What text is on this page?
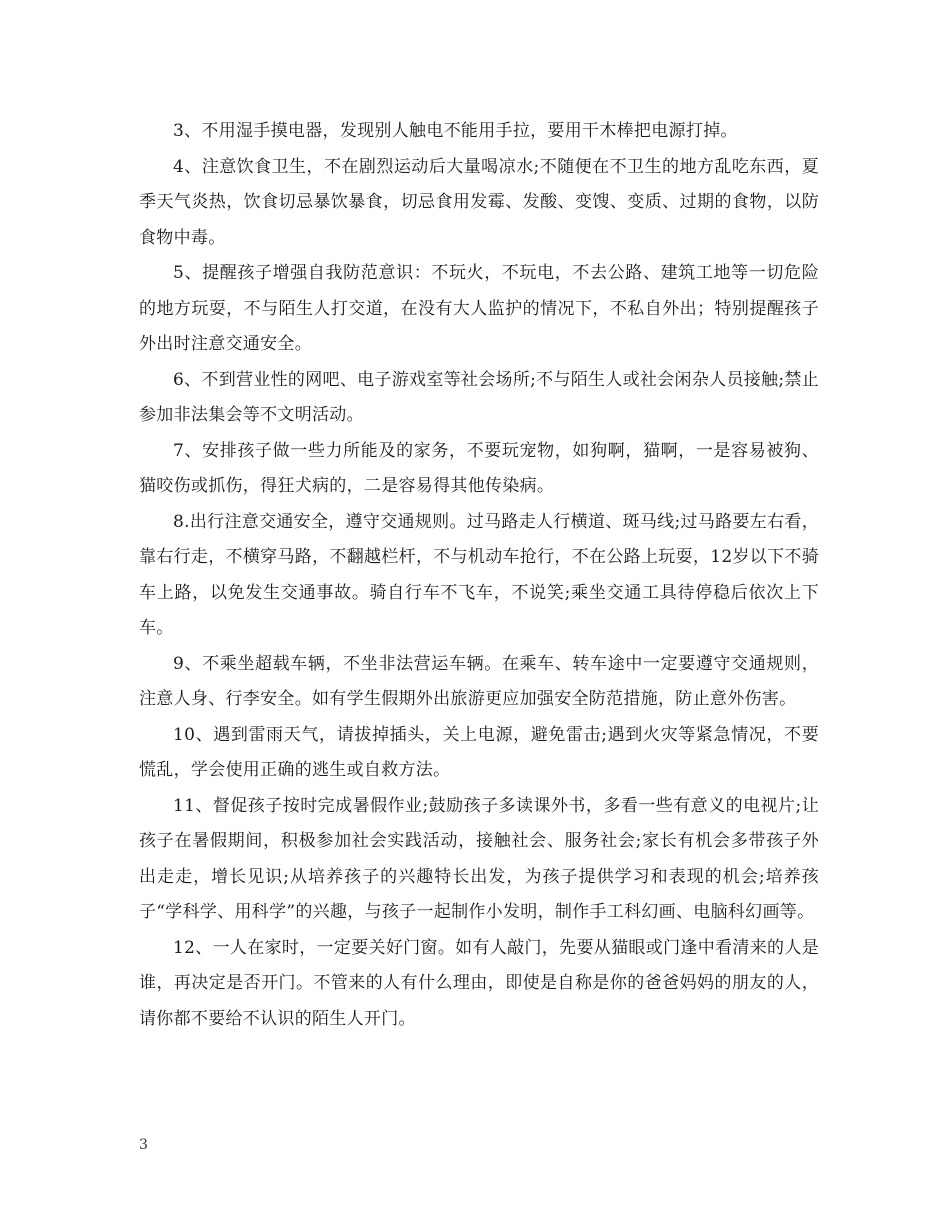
3、不用湿手摸电器，发现别人触电不能用手拉，要用干木棒把电源打掉。

4、注意饮食卫生，不在剧烈运动后大量喝凉水;不随便在不卫生的地方乱吃东西，夏季天气炎热，饮食切忌暴饮暴食，切忌食用发霉、发酸、变馊、变质、过期的食物，以防食物中毒。

5、提醒孩子增强自我防范意识：不玩火，不玩电，不去公路、建筑工地等一切危险的地方玩耍，不与陌生人打交道，在没有大人监护的情况下，不私自外出；特别提醒孩子外出时注意交通安全。

6、不到营业性的网吧、电子游戏室等社会场所;不与陌生人或社会闲杂人员接触;禁止参加非法集会等不文明活动。

7、安排孩子做一些力所能及的家务，不要玩宠物，如狗啊，猫啊，一是容易被狗、猫咬伤或抓伤，得狂犬病的，二是容易得其他传染病。

8.出行注意交通安全，遵守交通规则。过马路走人行横道、斑马线;过马路要左右看，靠右行走，不横穿马路，不翻越栏杆，不与机动车抢行，不在公路上玩耍，12岁以下不骑车上路，以免发生交通事故。骑自行车不飞车，不说笑;乘坐交通工具待停稳后依次上下车。

9、不乘坐超载车辆，不坐非法营运车辆。在乘车、转车途中一定要遵守交通规则，注意人身、行李安全。如有学生假期外出旅游更应加强安全防范措施，防止意外伤害。

10、遇到雷雨天气，请拔掉插头，关上电源，避免雷击;遇到火灾等紧急情况，不要慌乱，学会使用正确的逃生或自救方法。

11、督促孩子按时完成暑假作业;鼓励孩子多读课外书，多看一些有意义的电视片;让孩子在暑假期间，积极参加社会实践活动，接触社会、服务社会;家长有机会多带孩子外出走走，增长见识;从培养孩子的兴趣特长出发，为孩子提供学习和表现的机会;培养孩子“学科学、用科学”的兴趣，与孩子一起制作小发明，制作手工科幻画、电脑科幻画等。

12、一人在家时，一定要关好门窗。如有人敲门，先要从猫眼或门逢中看清来的人是谁，再决定是否开门。不管来的人有什么理由，即使是自称是你的爸爸妈妈的朋友的人，请你都不要给不认识的陌生人开门。

3
